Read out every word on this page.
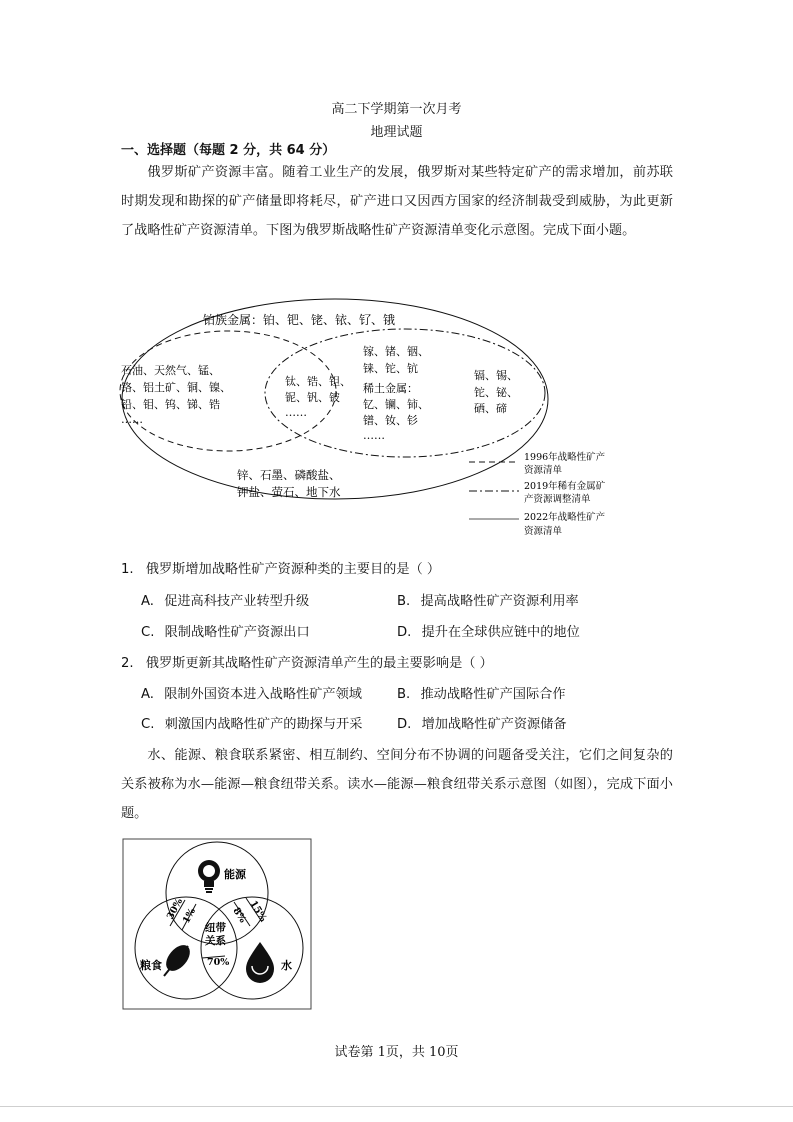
高二下学期第一次月考
地理试题
一、选择题（每题 2 分，共 64 分）

俄罗斯矿产资源丰富。随着工业生产的发展，俄罗斯对某些特定矿产的需求增加，前苏联时期发现和勘探的矿产储量即将耗尽，矿产进口又因西方国家的经济制裁受到威胁，为此更新了战略性矿产资源清单。下图为俄罗斯战略性矿产资源清单变化示意图。完成下面小题。

铂族金属：铂、钯、铑、铱、钌、锇
石油、天然气、锰、
铬、铝土矿、铜、镍、
铅、钼、钨、锑、锆
……
钛、锆、钽、
铌、钒、铍
……
镓、锗、铟、
铼、铊、钪
稀土金属：
钇、镧、铈、
镨、钕、钐
……
镉、锡、
铊、铋、
硒、碲
锌、石墨、磷酸盐、
钾盐、萤石、地下水
1996年战略性矿产
资源清单
2019年稀有金属矿
产资源调整清单
2022年战略性矿产
资源清单
1. 俄罗斯增加战略性矿产资源种类的主要目的是（ ）
A. 促进高科技产业转型升级	B. 提高战略性矿产资源利用率
C. 限制战略性矿产资源出口	D. 提升在全球供应链中的地位
2. 俄罗斯更新其战略性矿产资源清单产生的最主要影响是（ ）
A. 限制外国资本进入战略性矿产领域	B. 推动战略性矿产国际合作
C. 刺激国内战略性矿产的勘探与开采	D. 增加战略性矿产资源储备

水、能源、粮食联系紧密、相互制约、空间分布不协调的问题备受关注，它们之间复杂的关系被称为水—能源—粮食纽带关系。读水—能源—粮食纽带关系示意图（如图），完成下面小题。

能源
粮食	水
纽带
关系
30%
1%	8% 15%
70%
试卷第 1页，共 10页
